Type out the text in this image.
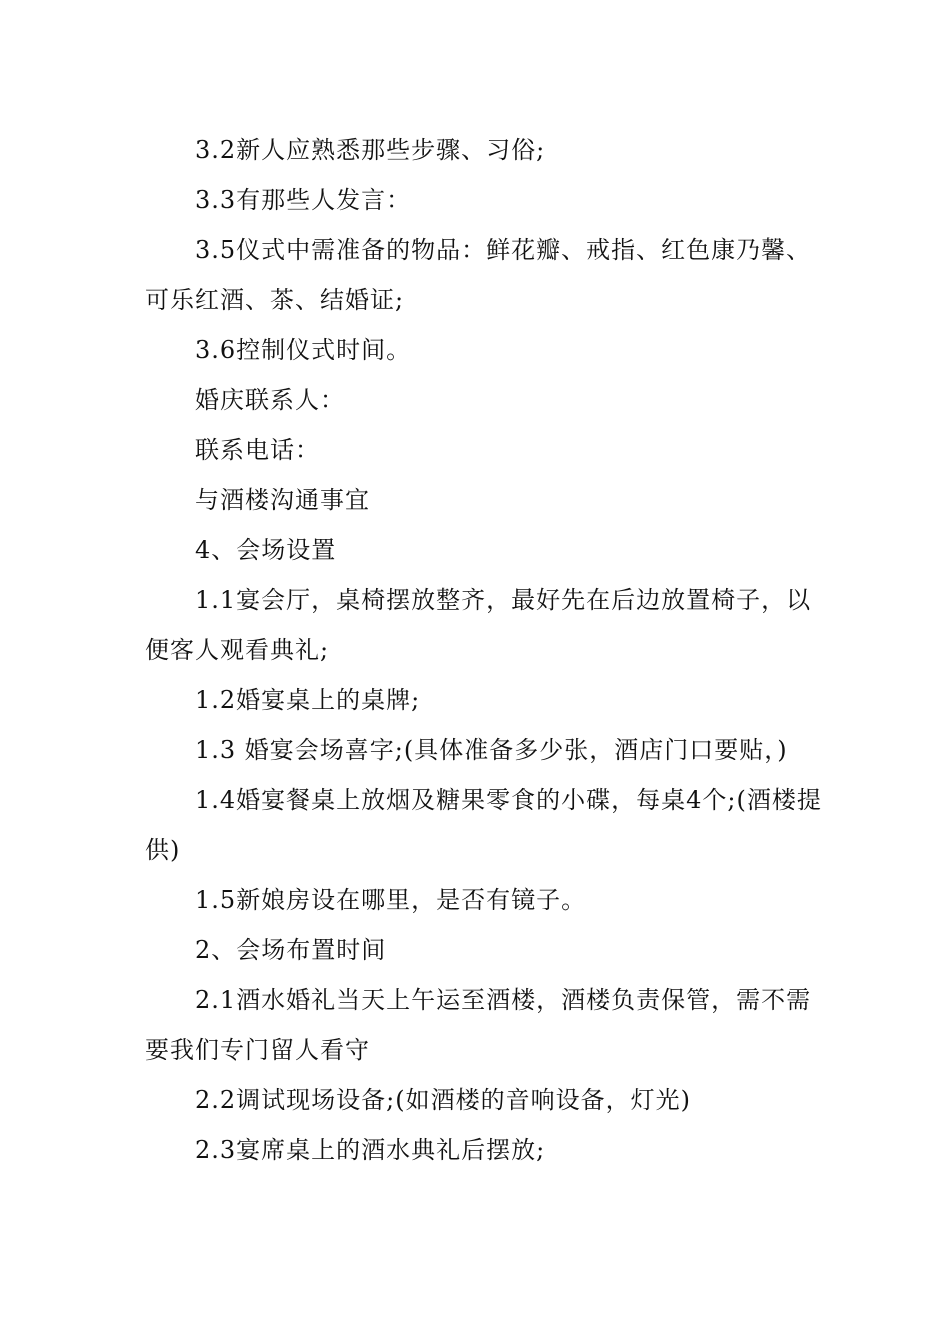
3.2新人应熟悉那些步骤、习俗;

3.3有那些人发言：

3.5仪式中需准备的物品：鲜花瓣、戒指、红色康乃馨、可乐红酒、茶、结婚证;

3.6控制仪式时间。

婚庆联系人：

联系电话：

与酒楼沟通事宜

4、会场设置

1.1宴会厅，桌椅摆放整齐，最好先在后边放置椅子，以便客人观看典礼;

1.2婚宴桌上的桌牌;

1.3 婚宴会场喜字;(具体准备多少张，酒店门口要贴，)

1.4婚宴餐桌上放烟及糖果零食的小碟，每桌4个;(酒楼提供)

1.5新娘房设在哪里，是否有镜子。

2、会场布置时间

2.1酒水婚礼当天上午运至酒楼，酒楼负责保管，需不需要我们专门留人看守

2.2调试现场设备;(如酒楼的音响设备，灯光)

2.3宴席桌上的酒水典礼后摆放;
